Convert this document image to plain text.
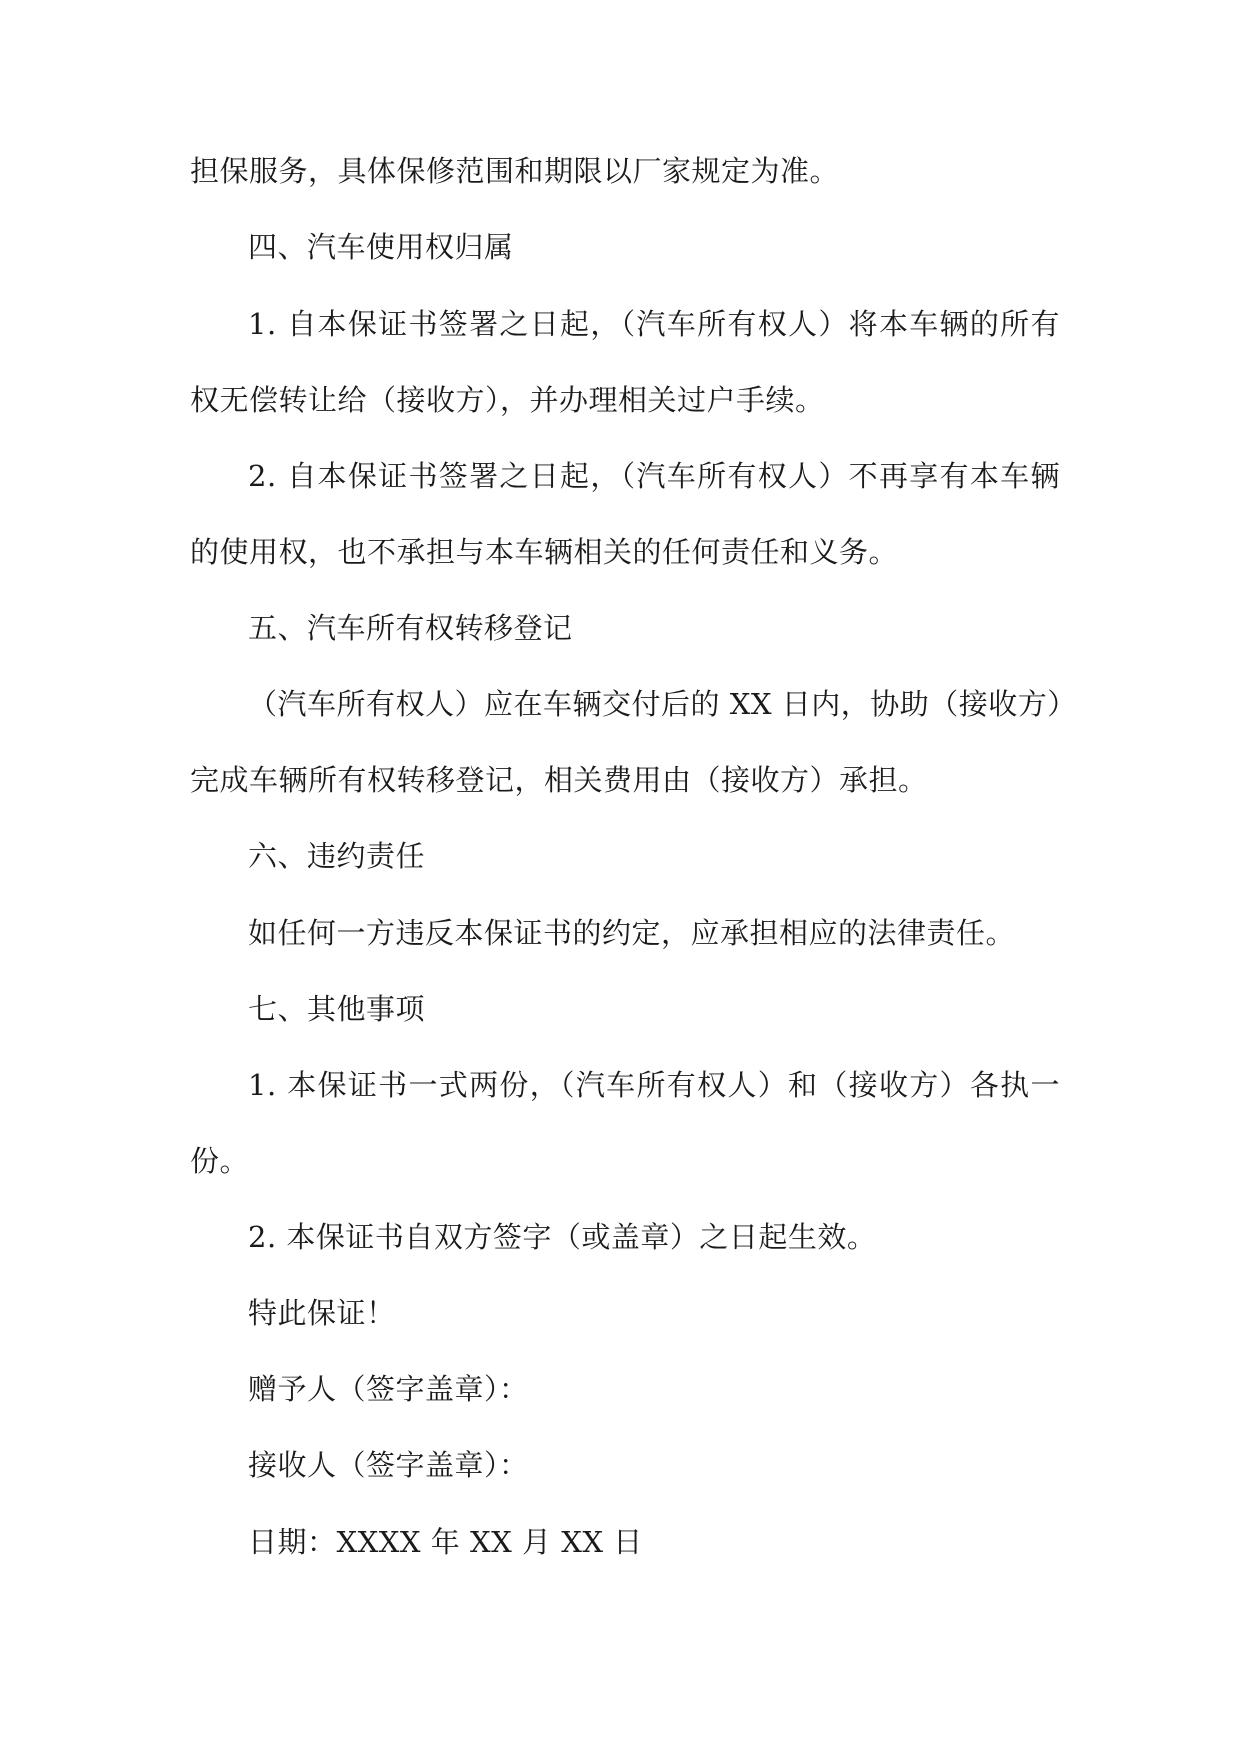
担保服务，具体保修范围和期限以厂家规定为准。
四、汽车使用权归属
1. 自本保证书签署之日起，（汽车所有权人）将本车辆的所有
权无偿转让给（接收方），并办理相关过户手续。
2. 自本保证书签署之日起，（汽车所有权人）不再享有本车辆
的使用权，也不承担与本车辆相关的任何责任和义务。
五、汽车所有权转移登记
（汽车所有权人）应在车辆交付后的 XX 日内，协助（接收方）
完成车辆所有权转移登记，相关费用由（接收方）承担。
六、违约责任
如任何一方违反本保证书的约定，应承担相应的法律责任。
七、其他事项
1. 本保证书一式两份，（汽车所有权人）和（接收方）各执一
份。
2. 本保证书自双方签字（或盖章）之日起生效。
特此保证！
赠予人（签字盖章）：
接收人（签字盖章）：
日期：XXXX 年 XX 月 XX 日
